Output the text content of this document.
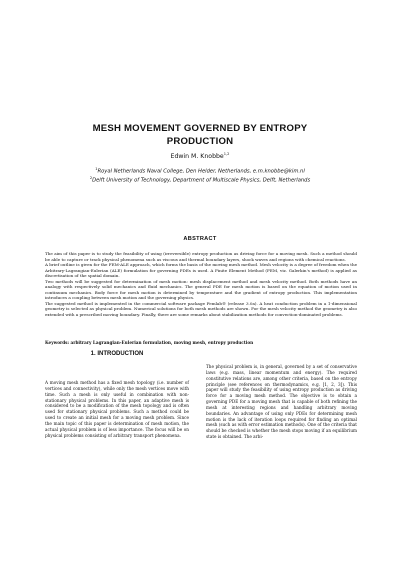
MESH MOVEMENT GOVERNED BY ENTROPY
PRODUCTION
Edwin M. Knobbe$^{1,2}$
$^1$Royal Netherlands Naval College, Den Helder, Netherlands, e.m.knobbe@kim.nl
$^2$Delft University of Technology, Department of Multiscale Physics, Delft, Netherlands
ABSTRACT

The aim of this paper is to study the feasibility of using (irreversible) entropy production as driving force for a moving mesh. Such a method should be able to capture or track physical phenomena such as viscous and thermal boundary layers, shock waves and regions with chemical reactions.

A brief outline is given for the FEM-ALE approach, which forms the basis of the moving mesh method. Mesh velocity is a degree of freedom when the Arbitrary-Lagrangian-Eulerian (ALE) formulation for governing PDEs is used. A Finite Element Method (FEM, viz. Galerkin's method) is applied as discretisation of the spatial domain.

Two methods will be suggested for determination of mesh motion: mesh displacement method and mesh velocity method. Both methods have an analogy with respectively solid mechanics and fluid mechanics. The general PDE for mesh motion is based on the equation of motion used in continuum mechanics. Body force for mesh motion is determined by temperature and the gradient of entropy production. This implementation introduces a coupling between mesh motion and the governing physics.

The suggested method is implemented in the commercial software package Femlab® (release 3.0a). A heat conduction problem in a 1-dimensional geometry is selected as physical problem. Numerical solutions for both mesh methods are shown. For the mesh velocity method the geometry is also extended with a prescribed moving boundary. Finally, there are some remarks about stabilization methods for convection-dominated problems.

Keywords: arbitrary Lagrangian-Eulerian formulation, moving mesh, entropy production
1. INTRODUCTION
A moving mesh method has a fixed mesh topology (i.e. number of vertices and connectivity), while only the mesh vertices move with time. Such a mesh is only useful in combination with non-stationary physical problems. In this paper, an adaptive mesh is considered to be a modification of the mesh topology and is often used for stationary physical problems. Such a method could be used to create an initial mesh for a moving mesh problem. Since the main topic of this paper is determination of mesh motion, the actual physical problem is of less importance. The focus will be on physical problems consisting of arbitrary transport phenomena.
The physical problem is, in general, governed by a set of conservative laws (e.g. mass, linear momentum and energy). The required constitutive relations are, among other criteria, based on the entropy principle (see references on thermodynamics, e.g. [1, 2, 3]). This paper will study the feasibility of using entropy production as driving force for a moving mesh method. The objective is to obtain a governing PDE for a moving mesh that is capable of both refining the mesh at interesting regions and handling arbitrary moving boundaries. An advantage of using only PDEs for determining mesh motion is the lack of iteration loops required for finding an optimal mesh (such as with error estimation methods). One of the criteria that should be checked is whether the mesh stops moving if an equilibrium state is obtained. The arbi-
